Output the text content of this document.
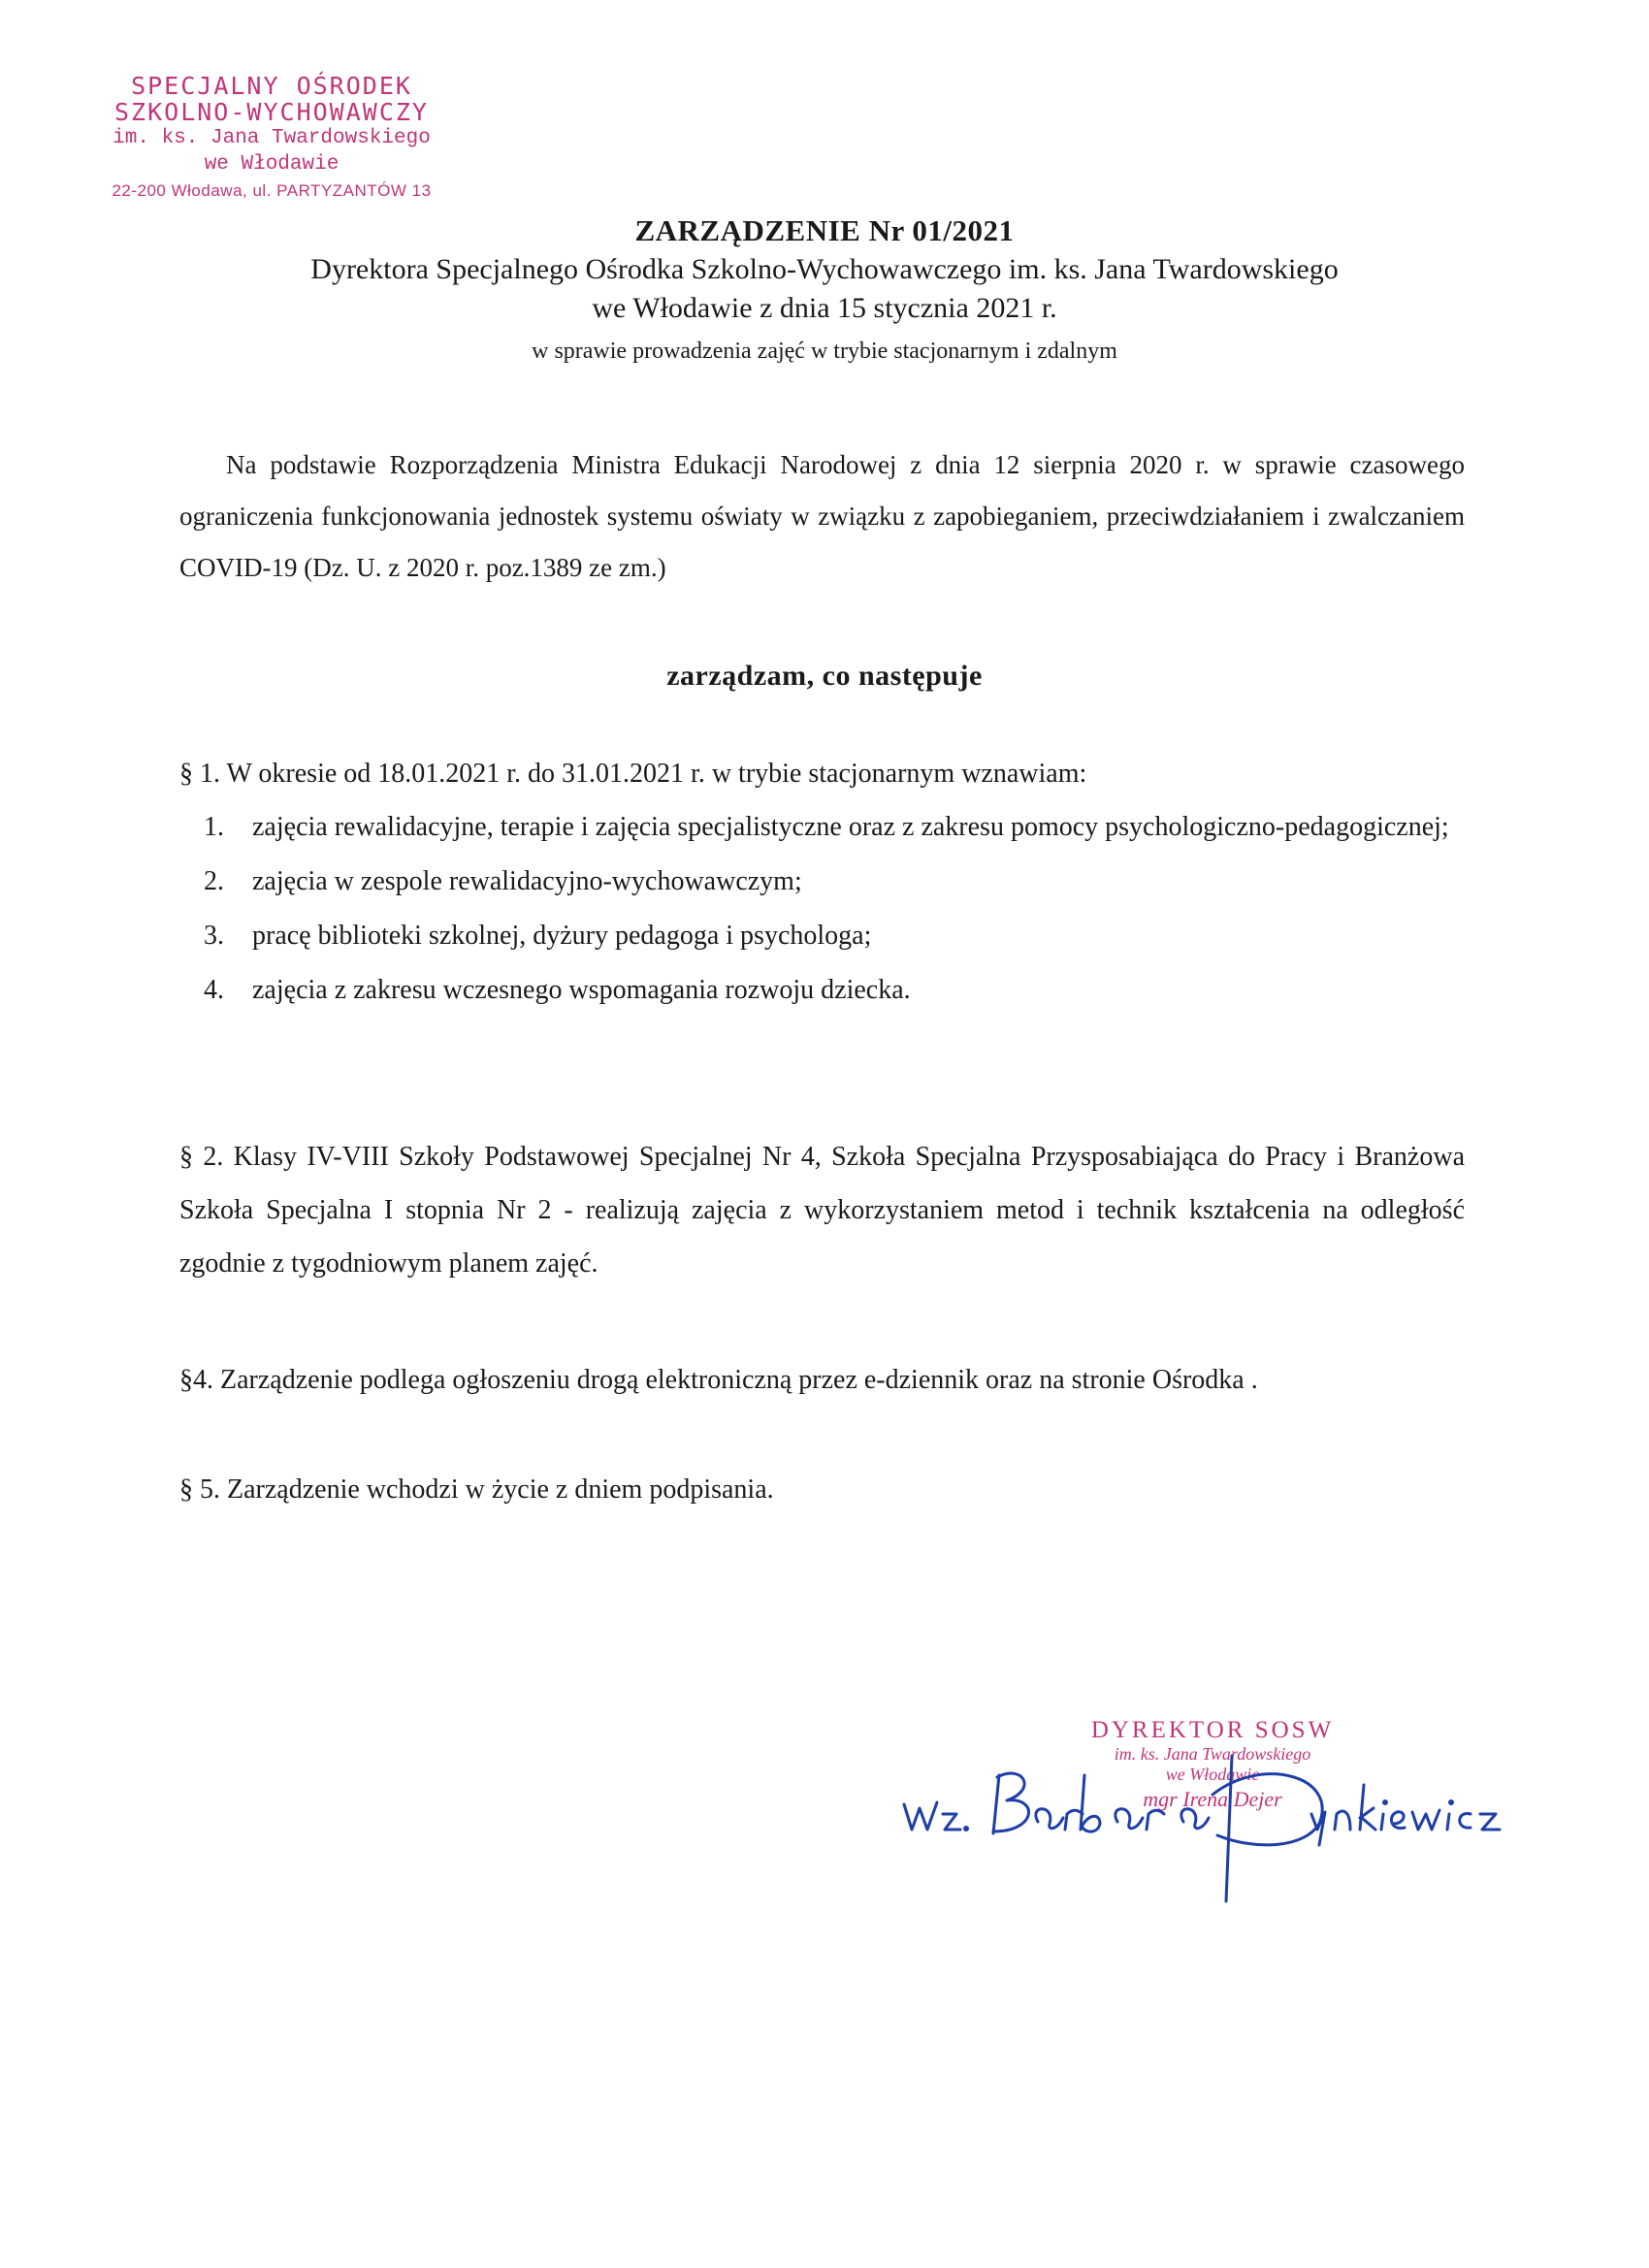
SPECJALNY OŚRODEK
SZKOLNO-WYCHOWAWCZY
im. ks. Jana Twardowskiego
we Włodawie
22-200 Włodawa, ul. PARTYZANTÓW 13
ZARZĄDZENIE Nr 01/2021
Dyrektora Specjalnego Ośrodka Szkolno-Wychowawczego im. ks. Jana Twardowskiego
we Włodawie z dnia 15 stycznia 2021 r.
w sprawie prowadzenia zajęć w trybie stacjonarnym i zdalnym
Na podstawie Rozporządzenia Ministra Edukacji Narodowej z dnia 12 sierpnia 2020 r. w sprawie czasowego ograniczenia funkcjonowania jednostek systemu oświaty w związku z zapobieganiem, przeciwdziałaniem i zwalczaniem COVID-19 (Dz. U. z 2020 r. poz.1389 ze zm.)
zarządzam, co następuje
§ 1. W okresie od 18.01.2021 r. do 31.01.2021 r. w trybie stacjonarnym wznawiam:
1. zajęcia rewalidacyjne, terapie i zajęcia specjalistyczne oraz z zakresu pomocy psychologiczno-pedagogicznej;
2. zajęcia w zespole rewalidacyjno-wychowawczym;
3. pracę biblioteki szkolnej, dyżury pedagoga i psychologa;
4. zajęcia z zakresu wczesnego wspomagania rozwoju dziecka.
§ 2. Klasy IV-VIII Szkoły Podstawowej Specjalnej Nr 4, Szkoła Specjalna Przysposabiająca do Pracy i Branżowa Szkoła Specjalna I stopnia Nr 2 - realizują zajęcia z wykorzystaniem metod i technik kształcenia na odległość zgodnie z tygodniowym planem zajęć.
§4. Zarządzenie podlega ogłoszeniu drogą elektroniczną przez e-dziennik oraz na stronie Ośrodka .
§ 5. Zarządzenie wchodzi w życie z dniem podpisania.
DYREKTOR SOSW
im. ks. Jana Twardowskiego
we Włodawie
mgr Irena Dejer
